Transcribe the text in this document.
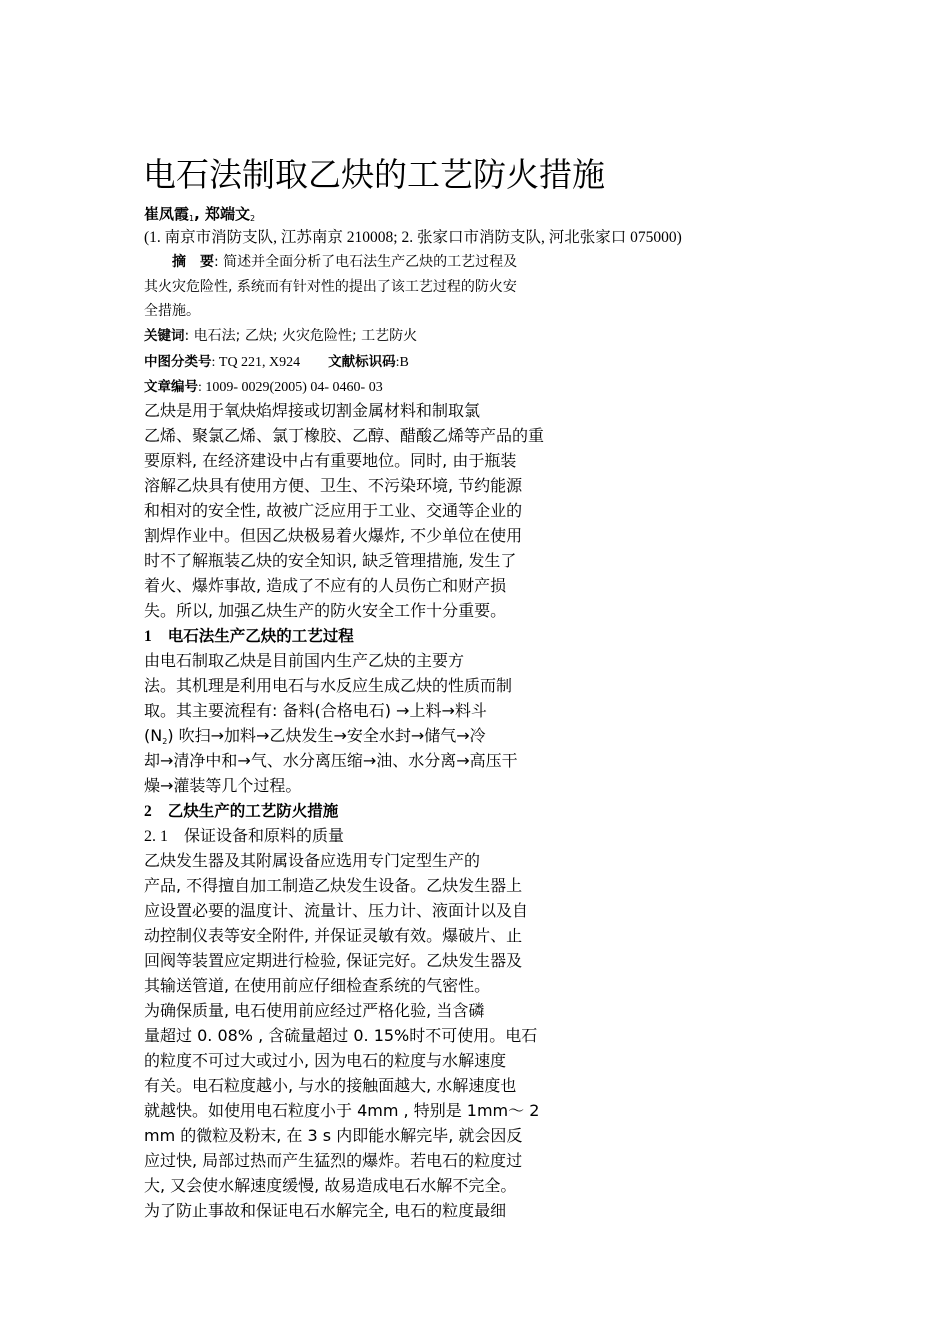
电石法制取乙炔的工艺防火措施
崔凤霞1, 郑端文2
(1. 南京市消防支队, 江苏南京 210008; 2. 张家口市消防支队, 河北张家口 075000)
摘　要: 简述并全面分析了电石法生产乙炔的工艺过程及
其火灾危险性, 系统而有针对性的提出了该工艺过程的防火安
全措施。
关键词: 电石法; 乙炔; 火灾危险性; 工艺防火
中图分类号: TQ 221, X924 文献标识码:B
文章编号: 1009- 0029(2005) 04- 0460- 03
乙炔是用于氧炔焰焊接或切割金属材料和制取氯
乙烯、聚氯乙烯、氯丁橡胶、乙醇、醋酸乙烯等产品的重
要原料, 在经济建设中占有重要地位。同时, 由于瓶装
溶解乙炔具有使用方便、卫生、不污染环境, 节约能源
和相对的安全性, 故被广泛应用于工业、交通等企业的
割焊作业中。但因乙炔极易着火爆炸, 不少单位在使用
时不了解瓶装乙炔的安全知识, 缺乏管理措施, 发生了
着火、爆炸事故, 造成了不应有的人员伤亡和财产损
失。所以, 加强乙炔生产的防火安全工作十分重要。
1 电石法生产乙炔的工艺过程
由电石制取乙炔是目前国内生产乙炔的主要方
法。其机理是利用电石与水反应生成乙炔的性质而制
取。其主要流程有: 备料(合格电石) →上料→料斗
(N2) 吹扫→加料→乙炔发生→安全水封→储气→冷
却→清净中和→气、水分离压缩→油、水分离→高压干
燥→灌装等几个过程。
2 乙炔生产的工艺防火措施
2. 1 保证设备和原料的质量
乙炔发生器及其附属设备应选用专门定型生产的
产品, 不得擅自加工制造乙炔发生设备。乙炔发生器上
应设置必要的温度计、流量计、压力计、液面计以及自
动控制仪表等安全附件, 并保证灵敏有效。爆破片、止
回阀等装置应定期进行检验, 保证完好。乙炔发生器及
其输送管道, 在使用前应仔细检查系统的气密性。
为确保质量, 电石使用前应经过严格化验, 当含磷
量超过 0. 08% , 含硫量超过 0. 15%时不可使用。电石
的粒度不可过大或过小, 因为电石的粒度与水解速度
有关。电石粒度越小, 与水的接触面越大, 水解速度也
就越快。如使用电石粒度小于 4mm , 特别是 1mm～ 2
mm 的微粒及粉末, 在 3 s 内即能水解完毕, 就会因反
应过快, 局部过热而产生猛烈的爆炸。若电石的粒度过
大, 又会使水解速度缓慢, 故易造成电石水解不完全。
为了防止事故和保证电石水解完全, 电石的粒度最细
